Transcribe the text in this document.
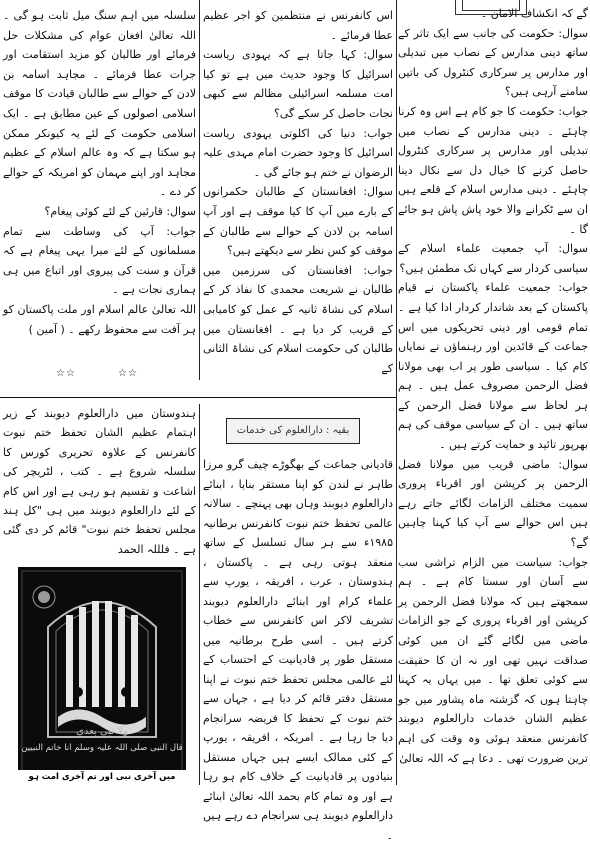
گے کہ انکشاف الامان ۔

سوال: حکومت کی جانب سے ایک تاثر کے ساتھ دینی مدارس کے نصاب میں تبدیلی اور مدارس پر سرکاری کنٹرول کی باتیں سامنے آرہی ہیں؟

جواب: حکومت کا جو کام ہے اس وہ کرنا چاہئے ۔ دینی مدارس کے نصاب میں تبدیلی اور مدارس پر سرکاری کنٹرول حاصل کرنے کا خیال دل سے نکال دینا چاہئے ۔ دینی مدارس اسلام کے قلعے ہیں ان سے ٹکرانے والا خود پاش پاش ہو جائے گا ۔

سوال: آپ جمعیت علماء اسلام کے سیاسی کردار سے کہاں تک مطمئن ہیں؟

جواب: جمعیت علماء پاکستان نے قیام پاکستان کے بعد شاندار کردار ادا کیا ہے ۔ تمام قومی اور دینی تحریکوں میں اس جماعت کے قائدین اور رہنماؤں نے نمایاں کام کیا ۔ سیاسی طور پر اب بھی مولانا فضل الرحمن مصروف عمل ہیں ۔ ہم ہر لحاظ سے مولانا فضل الرحمن کے ساتھ ہیں ۔ ان کے سیاسی موقف کی ہم بھرپور تائید و حمایت کرتے ہیں ۔

سوال: ماضی قریب میں مولانا فضل الرحمن پر کرپشن اور اقرباء پروری سمیت مختلف الزامات لگائے جاتے رہے ہیں اس حوالے سے آپ کیا کہنا چاہیں گے؟

جواب: سیاست میں الزام تراشی سب سے آسان اور سستا کام ہے ۔ ہم سمجھتے ہیں کہ مولانا فضل الرحمن پر کرپشن اور اقرباء پروری کے جو الزامات ماضی میں لگائے گئے ان میں کوئی صداقت نہیں تھی اور نہ ان کا حقیقت سے کوئی تعلق تھا ۔ میں یہاں یہ کہنا چاہتا ہوں کہ گزشتہ ماہ پشاور میں جو عظیم الشان خدمات دارالعلوم دیوبند کانفرنس منعقد ہوئی وہ وقت کی اہم ترین ضرورت تھی ۔ دعا ہے کہ اللہ تعالیٰ

اس کانفرنس نے منتظمین کو اجر عظیم عطا فرمائے ۔

سوال: کہا جاتا ہے کہ یہودی ریاست اسرائیل کا وجود حدیث میں ہے تو کیا امت مسلمہ اسرائیلی مظالم سے کبھی نجات حاصل کر سکے گی؟

جواب: دنیا کی اکلوتی یہودی ریاست اسرائیل کا وجود حضرت امام مہدی علیہ الرضوان نے ختم ہو جائے گی ۔

سوال: افغانستان کے طالبان حکمرانوں کے بارے میں آپ کا کیا موقف ہے اور آپ اسامہ بن لادن کے حوالے سے طالبان کے موقف کو کس نظر سے دیکھتے ہیں؟

جواب: افغانستان کی سرزمین میں طالبان نے شریعت محمدی کا نفاذ کر کے اسلام کی نشاۃ ثانیہ کے عمل کو کامیابی کے قریب کر دیا ہے ۔ افغانستان میں طالبان کی حکومت اسلام کی نشاۃ الثانی کے

سلسلہ میں اہم سنگ میل ثابت ہو گی ۔ اللہ تعالیٰ افغان عوام کی مشکلات حل فرمائے اور طالبان کو مزید استقامت اور جرات عطا فرمائے ۔ مجاہد اسامہ بن لادن کے حوالے سے طالبان قیادت کا موقف اسلامی اصولوں کے عین مطابق ہے ۔ ایک اسلامی حکومت کے لئے یہ کیونکر ممکن ہو سکتا ہے کہ وہ عالم اسلام کے عظیم مجاہد اور اپنے مہمان کو امریکہ کے حوالے کر دے ۔

سوال: قارئین کے لئے کوئی پیغام؟

جواب: آپ کی وساطت سے تمام مسلمانوں کے لئے میرا یہی پیغام ہے کہ قرآن و سنت کی پیروی اور اتباع میں ہی ہماری نجات ہے ۔

اللہ تعالیٰ عالم اسلام اور ملت پاکستان کو ہر آفت سے محفوظ رکھے ۔ ( آمین )

☆☆
☆☆
ہندوستان میں دارالعلوم دیوبند کے زیر اہتمام عظیم الشان تحفظ ختم نبوت کانفرنس کے علاوہ تحریری کورس کا سلسلہ شروع ہے ۔ کتب ، لٹریچر کی اشاعت و تقسیم ہو رہی ہے اور اس کام کے لئے دارالعلوم دیوبند میں ہی "کل ہند مجلس تحفظ ختم نبوت" قائم کر دی گئی ہے ۔ فلللہ الحمد
بقیہ : دارالعلوم کی خدمات
قادیانی جماعت کے بھگوڑے چیف گرو مرزا طاہر نے لندن کو اپنا مستقر بنایا ، ابنائے دارالعلوم دیوبند وہاں بھی پہنچے ۔ سالانہ عالمی تحفظ ختم نبوت کانفرنس برطانیہ ۱۹۸۵ء سے ہر سال تسلسل کے ساتھ منعقد ہوتی رہی ہے ۔ پاکستان ، ہندوستان ، عرب ، افریقہ ، یورپ سے علماء کرام اور ابنائے دارالعلوم دیوبند تشریف لاکر اس کانفرنس سے خطاب کرتے ہیں ۔ اسی طرح برطانیہ میں مستقل طور پر قادیانیت کے احتساب کے لئے عالمی مجلس تحفظ ختم نبوت نے اپنا مستقل دفتر قائم کر دیا ہے ، جہاں سے ختم نبوت کے تحفظ کا فریضہ سرانجام دیا جا رہا ہے ۔ امریکہ ، افریقہ ، یورپ کے کئی ممالک ایسے ہیں جہاں مستقل بنیادوں پر قادیانیت کے خلاف کام ہو رہا ہے اور وہ تمام کام بحمد اللہ تعالیٰ ابنائے دارالعلوم دیوبند ہی سرانجام دے رہے ہیں ۔
قال النبی صلی اللہ علیہ وسلم انا خاتم النبیین
ولا نبی بعدی
میں آخری نبی اور تم آخری امت ہو
